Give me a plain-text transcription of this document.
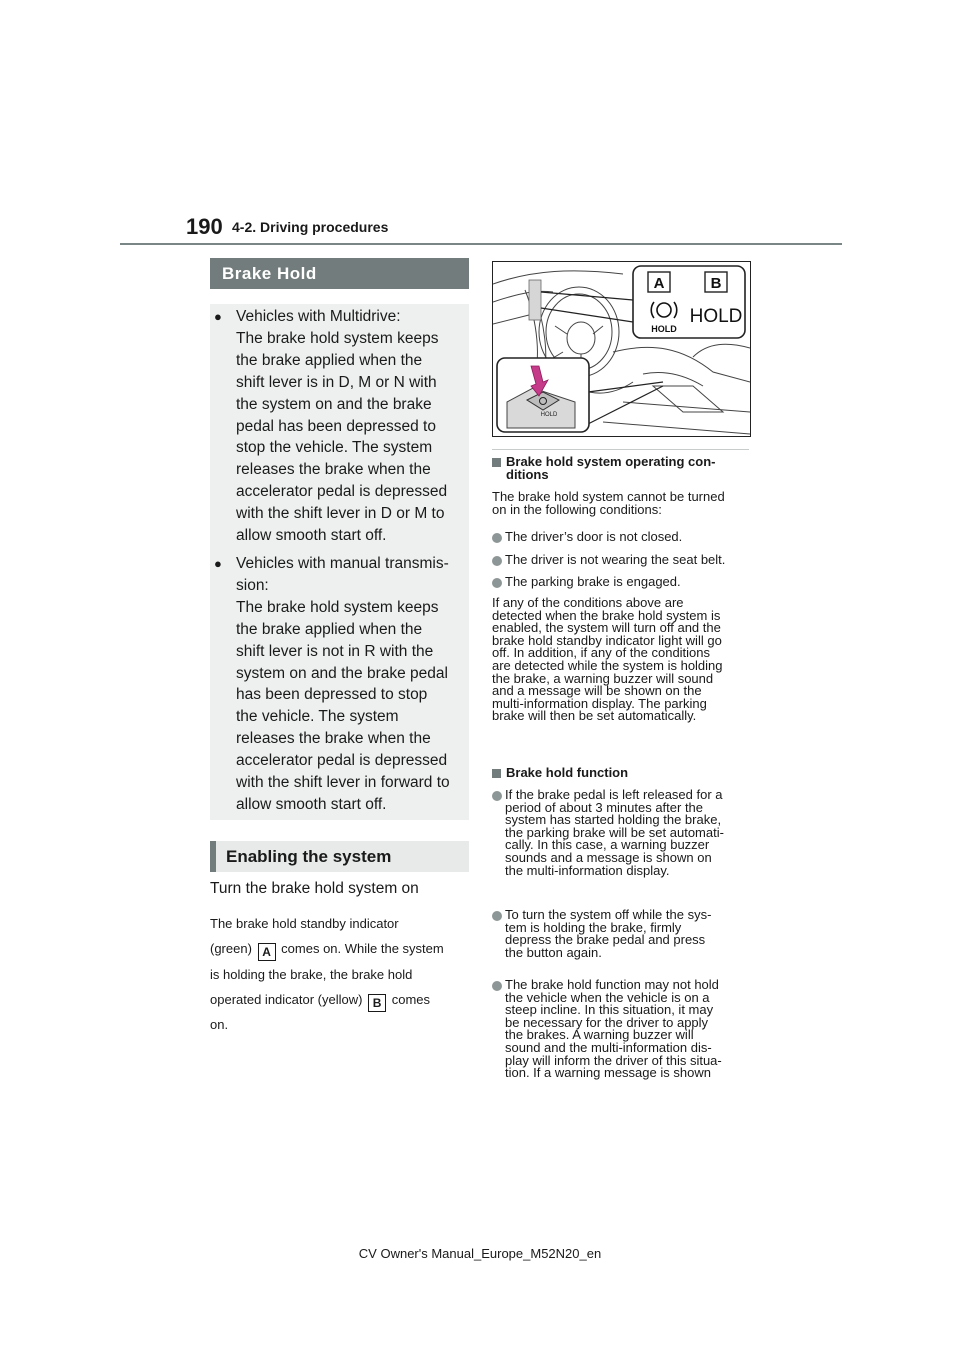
190 4-2. Driving procedures
Brake Hold
● Vehicles with Multidrive:
The brake hold system keeps
the brake applied when the
shift lever is in D, M or N with
the system on and the brake
pedal has been depressed to
stop the vehicle. The system
releases the brake when the
accelerator pedal is depressed
with the shift lever in D or M to
allow smooth start off.
● Vehicles with manual transmis-
sion:
The brake hold system keeps
the brake applied when the
shift lever is not in R with the
system on and the brake pedal
has been depressed to stop
the vehicle. The system
releases the brake when the
accelerator pedal is depressed
with the shift lever in forward to
allow smooth start off.
Enabling the system
Turn the brake hold system on
The brake hold standby indicator
(green) A comes on. While the system
is holding the brake, the brake hold
operated indicator (yellow) B comes
on.
A	B
HOLD
HOLD
HOLD
Brake hold system operating con-
ditions
The brake hold system cannot be turned
on in the following conditions:
The driver’s door is not closed.
The driver is not wearing the seat belt.
The parking brake is engaged.
If any of the conditions above are
detected when the brake hold system is
enabled, the system will turn off and the
brake hold standby indicator light will go
off. In addition, if any of the conditions
are detected while the system is holding
the brake, a warning buzzer will sound
and a message will be shown on the
multi-information display. The parking
brake will then be set automatically.
Brake hold function
If the brake pedal is left released for a
period of about 3 minutes after the
system has started holding the brake,
the parking brake will be set automati-
cally. In this case, a warning buzzer
sounds and a message is shown on
the multi-information display.
To turn the system off while the sys-
tem is holding the brake, firmly
depress the brake pedal and press
the button again.
The brake hold function may not hold
the vehicle when the vehicle is on a
steep incline. In this situation, it may
be necessary for the driver to apply
the brakes. A warning buzzer will
sound and the multi-information dis-
play will inform the driver of this situa-
tion. If a warning message is shown
CV Owner's Manual_Europe_M52N20_en
